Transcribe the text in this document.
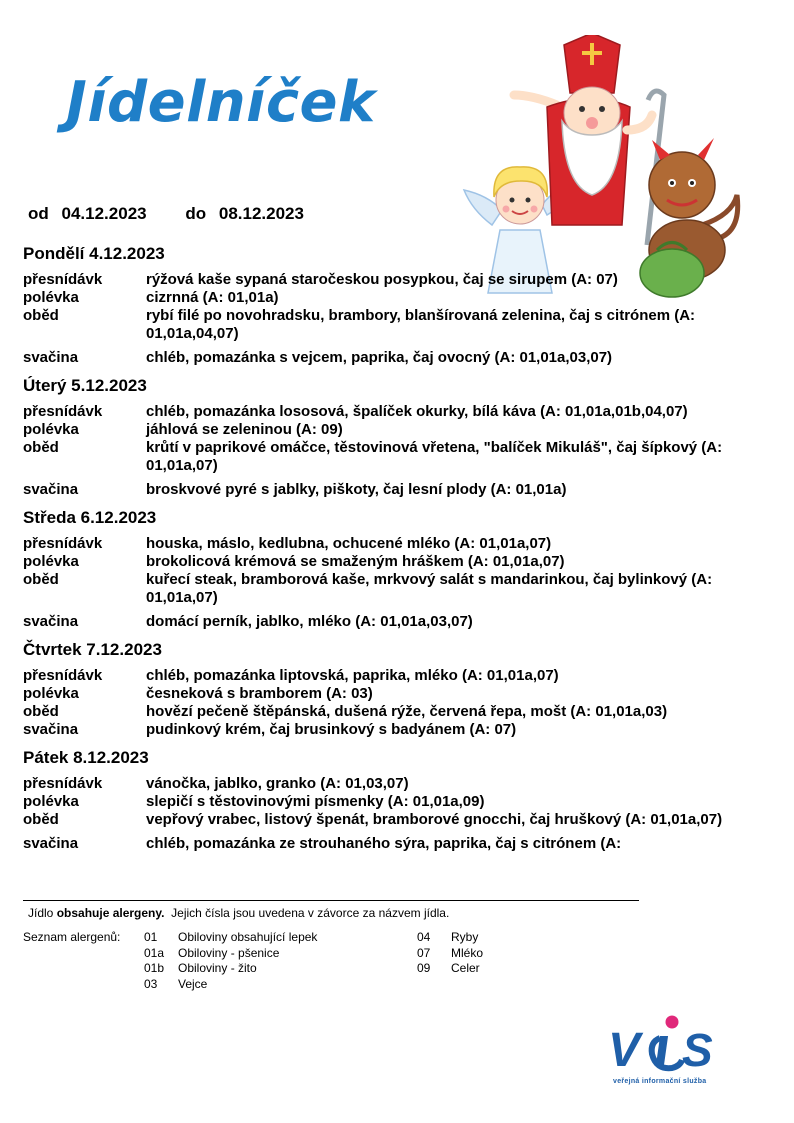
Jídelníček
od 04.12.2023 do 08.12.2023
Pondělí 4.12.2023
přesnídávk	rýžová kaše sypaná staročeskou posypkou, čaj se sirupem (A: 07)
polévka	cizrnná (A: 01,01a)
oběd	rybí filé po novohradsku, brambory, blanšírovaná zelenina, čaj s citrónem (A: 01,01a,04,07)
svačina	chléb, pomazánka s vejcem, paprika, čaj ovocný (A: 01,01a,03,07)
Úterý 5.12.2023
přesnídávk	chléb, pomazánka lososová, špalíček okurky, bílá káva (A: 01,01a,01b,04,07)
polévka	jáhlová se zeleninou (A: 09)
oběd	krůtí v paprikové omáčce, těstovinová vřetena, "balíček Mikuláš", čaj šípkový (A: 01,01a,07)
svačina	broskvové pyré s jablky, piškoty, čaj lesní plody (A: 01,01a)
Středa 6.12.2023
přesnídávk	houska, máslo, kedlubna, ochucené mléko (A: 01,01a,07)
polévka	brokolicová krémová se smaženým hráškem (A: 01,01a,07)
oběd	kuřecí steak, bramborová kaše, mrkvový salát s mandarinkou, čaj bylinkový (A: 01,01a,07)
svačina	domácí perník, jablko, mléko (A: 01,01a,03,07)
Čtvrtek 7.12.2023
přesnídávk	chléb, pomazánka liptovská, paprika, mléko (A: 01,01a,07)
polévka	česneková s bramborem (A: 03)
oběd	hovězí pečeně štěpánská, dušená rýže, červená řepa, mošt (A: 01,01a,03)
svačina	pudinkový krém, čaj brusinkový s badyánem (A: 07)
Pátek 8.12.2023
přesnídávk	vánočka, jablko, granko (A: 01,03,07)
polévka	slepičí s těstovinovými písmenky (A: 01,01a,09)
oběd	vepřový vrabec, listový špenát, bramborové gnocchi, čaj hruškový (A: 01,01a,07)
svačina	chléb, pomazánka ze strouhaného sýra, paprika, čaj s citrónem (A:
Jídlo obsahuje alergeny.  Jejich čísla jsou uvedena v závorce za názvem jídla.
Seznam alergenů: 01 Obiloviny obsahující lepek
01a Obiloviny - pšenice
01b Obiloviny - žito
03 Vejce
04 Ryby
07 Mléko
09 Celer
V S
veřejná informační služba
